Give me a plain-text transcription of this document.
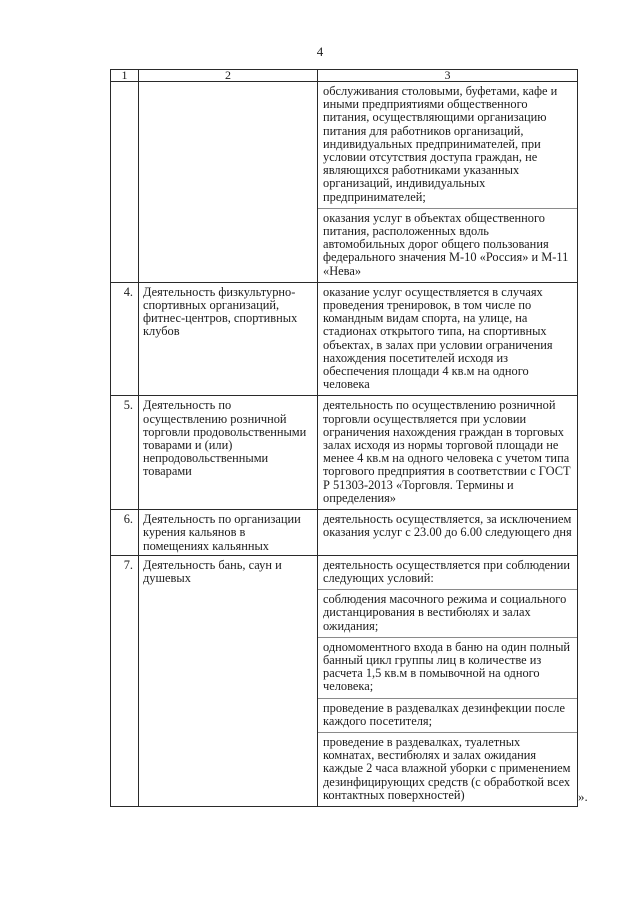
4
1	2	3

		обслуживания столовыми, буфетами, кафе и иными предприятиями общественного питания, осуществляющими организацию питания для работников организаций, индивидуальных предпринимателей, при условии отсутствия доступа граждан, не являющихся работниками указанных организаций, индивидуальных предпринимателей;
оказания услуг в объектах общественного питания, расположенных вдоль автомобильных дорог общего пользования федерального значения М-10 «Россия» и М-11 «Нева»

4.	Деятельность физкультурно-спортивных организаций, фитнес-центров, спортивных клубов	оказание услуг осуществляется в случаях проведения тренировок, в том числе по командным видам спорта, на улице, на стадионах открытого типа, на спортивных объектах, в залах при условии ограничения нахождения посетителей исходя из обеспечения площади 4 кв.м на одного человека

5.	Деятельность по осуществлению розничной торговли продовольственными товарами и (или) непродовольственными товарами	деятельность по осуществлению розничной торговли осуществляется при условии ограничения нахождения граждан в торговых залах исходя из нормы торговой площади не менее 4 кв.м на одного человека с учетом типа торгового предприятия в соответствии с ГОСТ Р 51303-2013 «Торговля. Термины и определения»

6.	Деятельность по организации курения кальянов в помещениях кальянных	деятельность осуществляется, за исключением оказания услуг с 23.00 до 6.00 следующего дня

7.	Деятельность бань, саун и душевых	деятельность осуществляется при соблюдении следующих условий:
соблюдения масочного режима и социального дистанцирования в вестибюлях и залах ожидания;
одномоментного входа в баню на один полный банный цикл группы лиц в количестве из расчета 1,5 кв.м в помывочной на одного человека;
проведение в раздевалках дезинфекции после каждого посетителя;
проведение в раздевалках, туалетных комнатах, вестибюлях и залах ожидания каждые 2 часа влажной уборки с применением дезинфицирующих средств (с обработкой всех контактных поверхностей)	».
